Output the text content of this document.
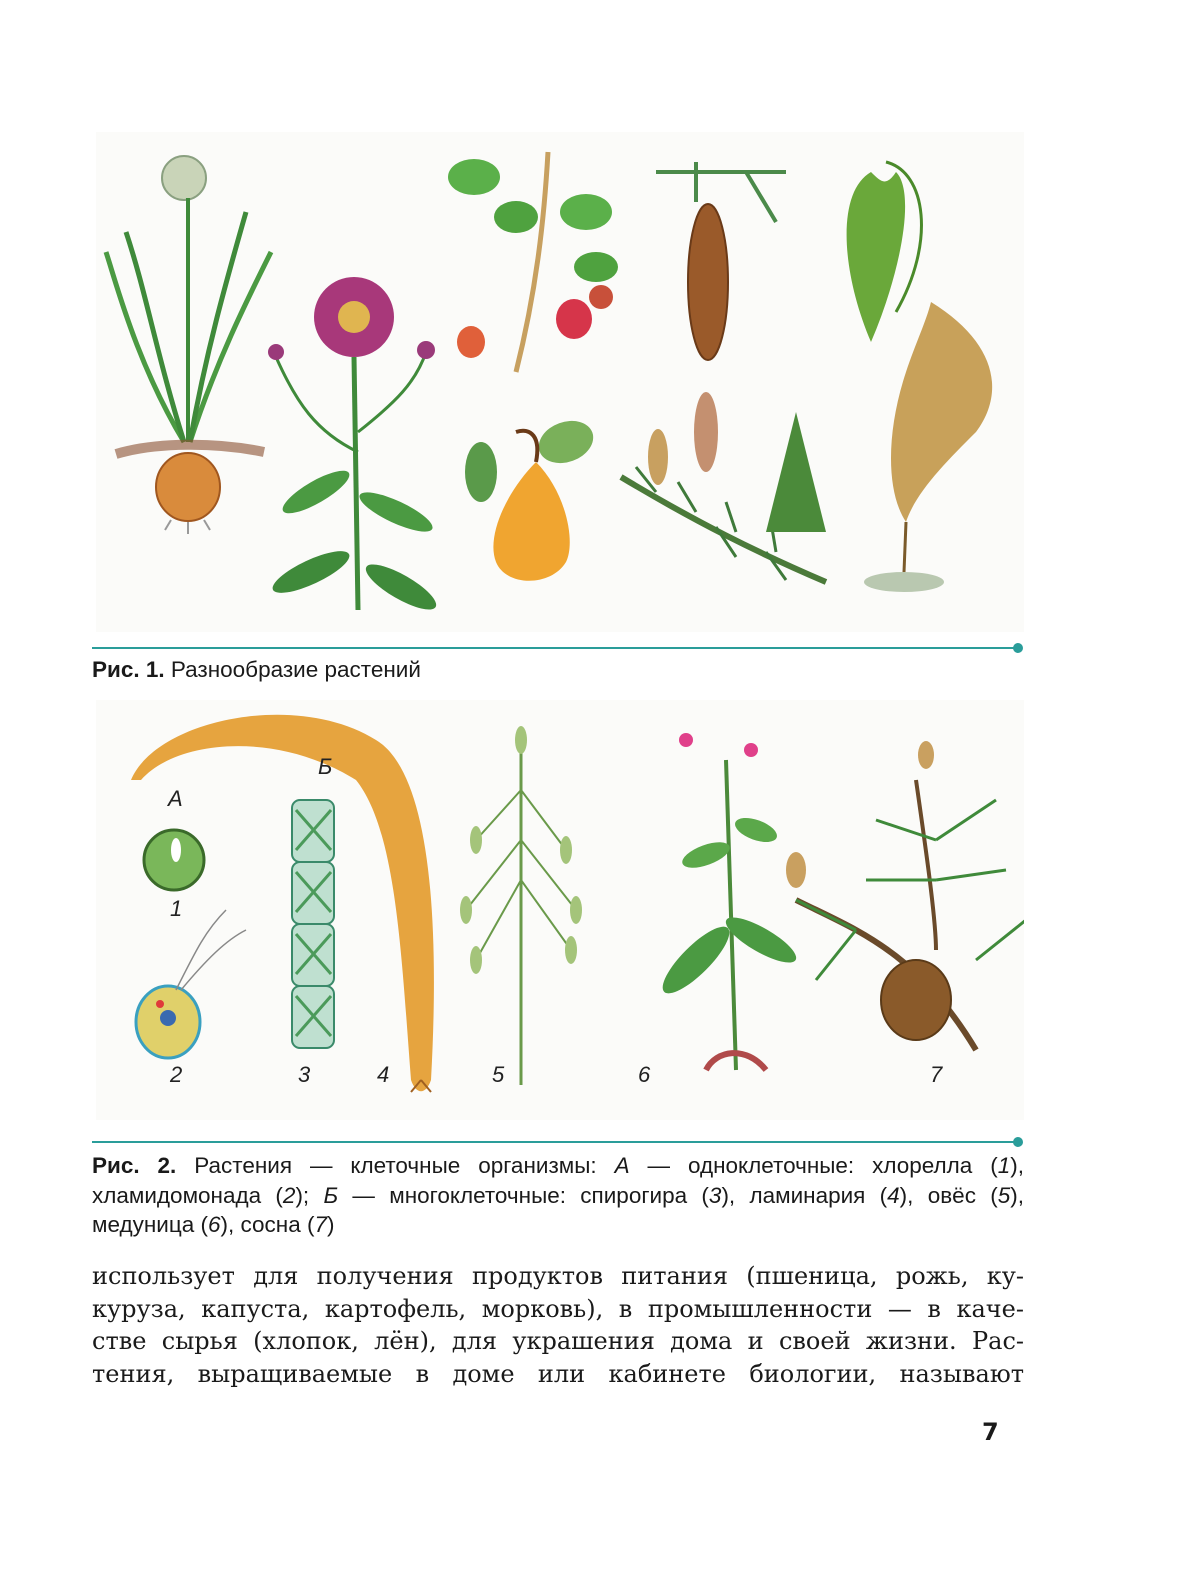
Рис. 1. Разнообразие растений
А
Б
1
2	3	4	5	6	7
Рис. 2. Растения — клеточные организмы: А — одноклеточные: хлорелла (1), хламидомонада (2); Б — многоклеточные: спирогира (3), ламинария (4), овёс (5), медуница (6), сосна (7)
использует для получения продуктов питания (пшеница, рожь, ку-
куруза, капуста, картофель, морковь), в промышленности — в каче-
стве сырья (хлопок, лён), для украшения дома и своей жизни. Рас-
тения, выращиваемые в доме или кабинете биологии, называют
7
